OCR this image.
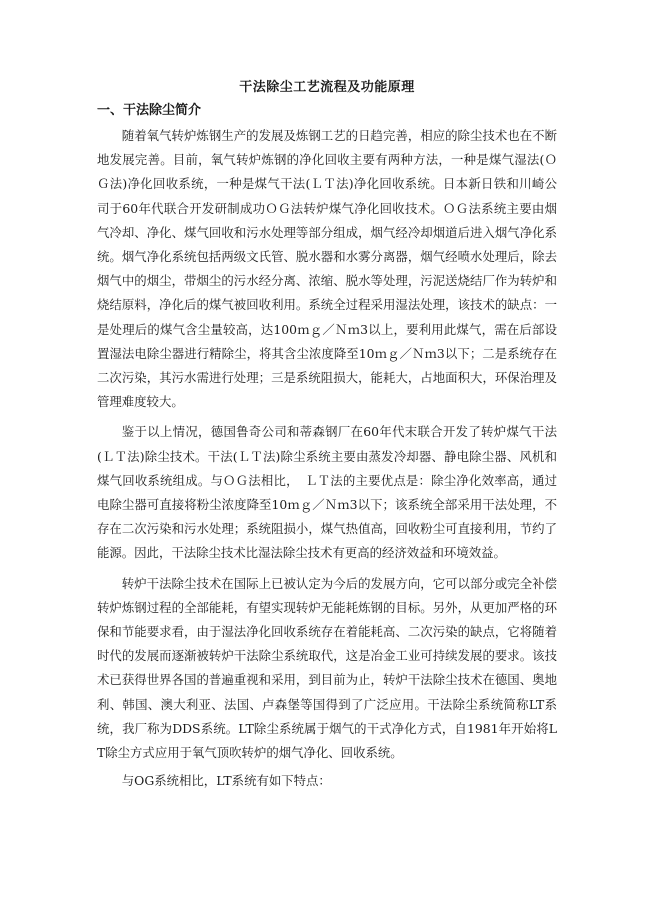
干法除尘工艺流程及功能原理
一、干法除尘简介

随着氧气转炉炼钢生产的发展及炼钢工艺的日趋完善，相应的除尘技术也在不断地发展完善。目前，氧气转炉炼钢的净化回收主要有两种方法，一种是煤气湿法(ＯＧ法)净化回收系统，一种是煤气干法(ＬＴ法)净化回收系统。日本新日铁和川崎公司于60年代联合开发研制成功ＯＧ法转炉煤气净化回收技术。ＯＧ法系统主要由烟气冷却、净化、煤气回收和污水处理等部分组成，烟气经冷却烟道后进入烟气净化系统。烟气净化系统包括两级文氏管、脱水器和水雾分离器，烟气经喷水处理后，除去烟气中的烟尘，带烟尘的污水经分离、浓缩、脱水等处理，污泥送烧结厂作为转炉和烧结原料，净化后的煤气被回收利用。系统全过程采用湿法处理，该技术的缺点：一是处理后的煤气含尘量较高，达100ｍｇ／Ｎｍ3以上，要利用此煤气，需在后部设置湿法电除尘器进行精除尘，将其含尘浓度降至10ｍｇ／Ｎｍ3以下；二是系统存在二次污染，其污水需进行处理；三是系统阻损大，能耗大，占地面积大，环保治理及管理难度较大。

鉴于以上情况，德国鲁奇公司和蒂森钢厂在60年代末联合开发了转炉煤气干法(ＬＴ法)除尘技术。干法(ＬＴ法)除尘系统主要由蒸发冷却器、静电除尘器、风机和煤气回收系统组成。与ＯＧ法相比，　ＬＴ法的主要优点是：除尘净化效率高，通过电除尘器可直接将粉尘浓度降至10ｍｇ／Ｎｍ3以下；该系统全部采用干法处理，不存在二次污染和污水处理；系统阻损小，煤气热值高，回收粉尘可直接利用，节约了能源。因此，干法除尘技术比湿法除尘技术有更高的经济效益和环境效益。

转炉干法除尘技术在国际上已被认定为今后的发展方向，它可以部分或完全补偿转炉炼钢过程的全部能耗，有望实现转炉无能耗炼钢的目标。另外，从更加严格的环保和节能要求看，由于湿法净化回收系统存在着能耗高、二次污染的缺点，它将随着时代的发展而逐渐被转炉干法除尘系统取代，这是冶金工业可持续发展的要求。该技术已获得世界各国的普遍重视和采用，到目前为止，转炉干法除尘技术在德国、奥地利、韩国、澳大利亚、法国、卢森堡等国得到了广泛应用。干法除尘系统简称LT系统，我厂称为DDS系统。LT除尘系统属于烟气的干式净化方式，自1981年开始将LT除尘方式应用于氧气顶吹转炉的烟气净化、回收系统。

与OG系统相比，LT系统有如下特点：
